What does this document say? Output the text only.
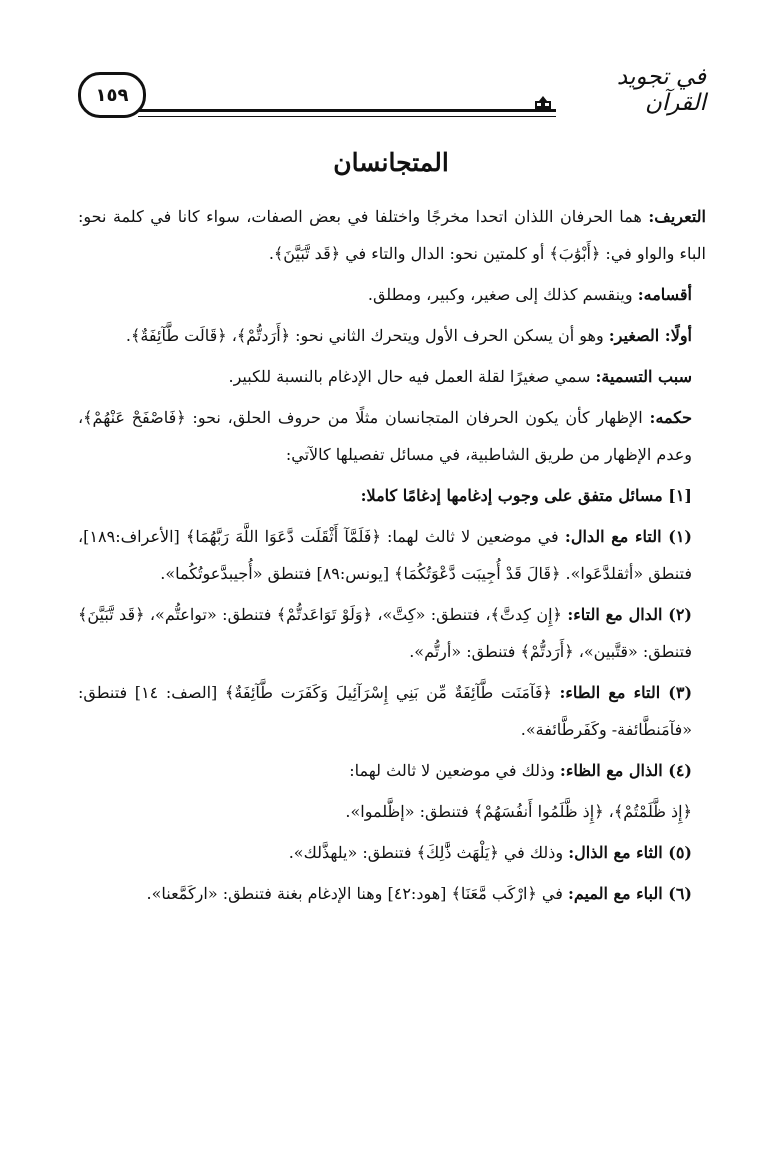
١٥٩
في تجويد القرآن
المتجانسان

التعريف: هما الحرفان اللذان اتحدا مخرجًا واختلفا في بعض الصفات، سواء كانا في كلمة نحو: الباء والواو في: ﴿أَبْوَٰبَ﴾ أو كلمتين نحو: الدال والتاء في ﴿قَد تَّبَيَّنَ﴾.

أقسامه: وينقسم كذلك إلى صغير، وكبير، ومطلق.

أولًا: الصغير: وهو أن يسكن الحرف الأول ويتحرك الثاني نحو: ﴿أَرَدتُّمْ﴾، ﴿قَالَت طَّآئِفَةٌ﴾.

سبب التسمية: سمي صغيرًا لقلة العمل فيه حال الإدغام بالنسبة للكبير.

حكمه: الإظهار كأن يكون الحرفان المتجانسان مثلًا من حروف الحلق، نحو: ﴿فَاصْفَحْ عَنْهُمْ﴾، وعدم الإظهار من طريق الشاطبية، في مسائل تفصيلها كالآتي:

[١] مسائل متفق على وجوب إدغامها إدغامًا كاملا:

(١) التاء مع الدال: في موضعين لا ثالث لهما: ﴿فَلَمَّآ أَثْقَلَت دَّعَوَا اللَّهَ رَبَّهُمَا﴾ [الأعراف:١٨٩]، فتنطق «أثقلدَّعَوا». ﴿قَالَ قَدْ أُجِيبَت دَّعْوَتُكُمَا﴾ [يونس:٨٩] فتنطق «أُجيبدَّعوتُكُما».

(٢) الدال مع التاء: ﴿إِن كِدتَّ﴾، فتنطق: «كِتَّ»، ﴿وَلَوْ تَوَاعَدتُّمْ﴾ فتنطق: «تواعتُّم»، ﴿قَد تَّبَيَّنَ﴾ فتنطق: «قتَّبين»، ﴿أَرَدتُّمْ﴾ فتنطق: «أرتُّم».

(٣) التاء مع الطاء: ﴿فَآمَنَت طَّآئِفَةٌ مِّن بَنِي إِسْرَآئِيلَ وَكَفَرَت طَّآئِفَةٌ﴾ [الصف: ١٤] فتنطق: «فآمَنطَّائفة- وكَفَرطَّائفة».

(٤) الذال مع الظاء: وذلك في موضعين لا ثالث لهما:

﴿إِذ ظَّلَمْتُمْ﴾، ﴿إِذ ظَّلَمُوا أَنفُسَهُمْ﴾ فتنطق: «إظَّلموا».

(٥) الثاء مع الذال: وذلك في ﴿يَلْهَث ذَّٰلِكَ﴾ فتنطق: «يلهذَّلك».

(٦) الباء مع الميم: في ﴿ارْكَب مَّعَنَا﴾ [هود:٤٢] وهنا الإدغام بغنة فتنطق: «اركَمَّعنا».
